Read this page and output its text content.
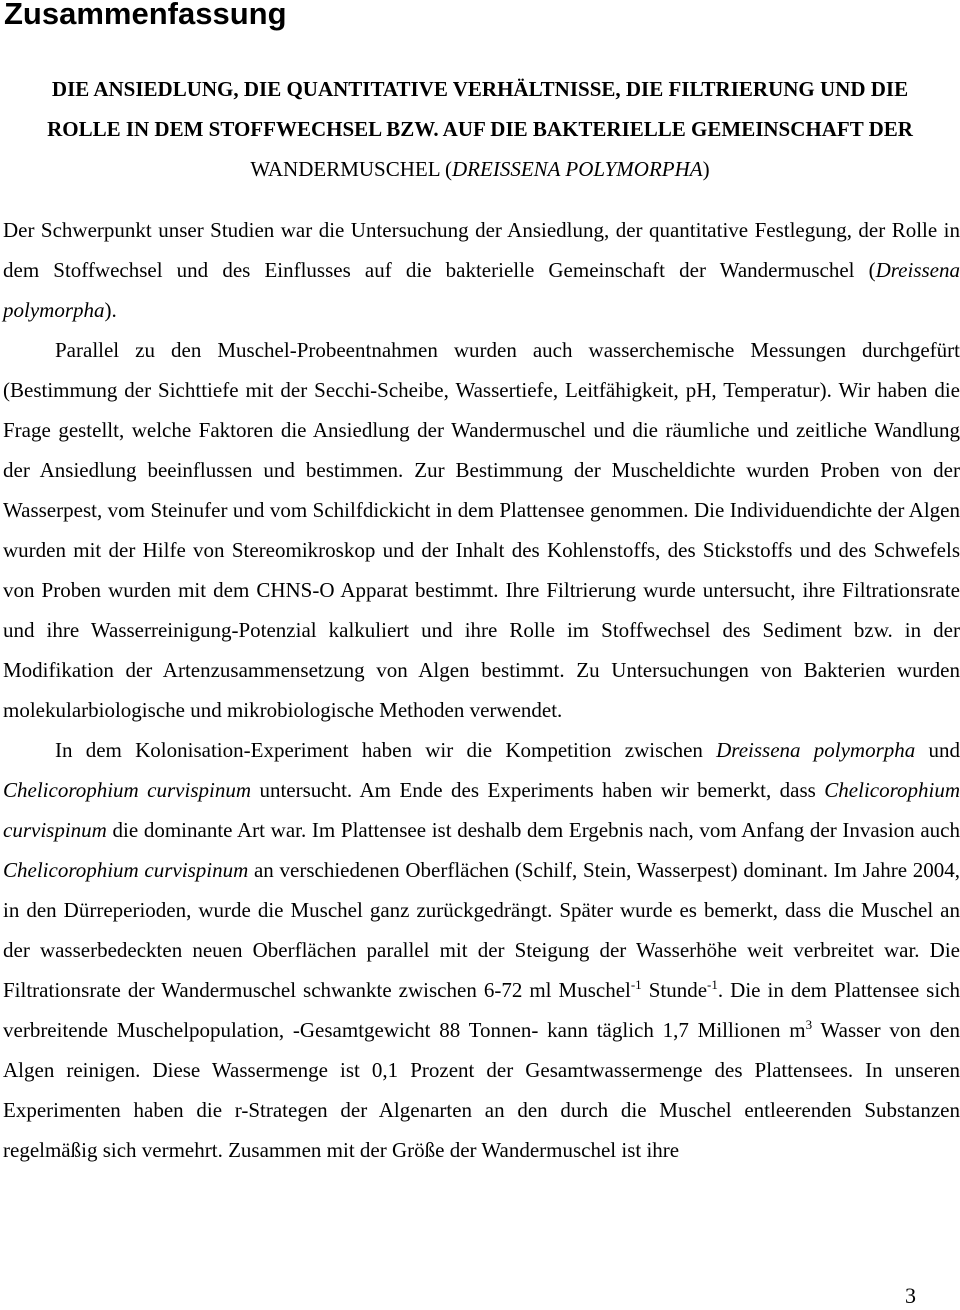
Zusammenfassung
DIE ANSIEDLUNG, DIE QUANTITATIVE VERHÄLTNISSE, DIE FILTRIERUNG UND DIE
ROLLE IN DEM STOFFWECHSEL BZW. AUF DIE BAKTERIELLE GEMEINSCHAFT DER
WANDERMUSCHEL (DREISSENA POLYMORPHA)

Der Schwerpunkt unser Studien war die Untersuchung der Ansiedlung, der quantitative Festlegung, der Rolle in dem Stoffwechsel und des Einflusses auf die bakterielle Gemeinschaft der Wandermuschel (Dreissena polymorpha).

Parallel zu den Muschel-Probeentnahmen wurden auch wasserchemische Messungen durchgefürt (Bestimmung der Sichttiefe mit der Secchi-Scheibe, Wassertiefe, Leitfähigkeit, pH, Temperatur). Wir haben die Frage gestellt, welche Faktoren die Ansiedlung der Wandermuschel und die räumliche und zeitliche Wandlung der Ansiedlung beeinflussen und bestimmen. Zur Bestimmung der Muscheldichte wurden Proben von der Wasserpest, vom Steinufer und vom Schilfdickicht in dem Plattensee genommen. Die Individuendichte der Algen wurden mit der Hilfe von Stereomikroskop und der Inhalt des Kohlenstoffs, des Stickstoffs und des Schwefels von Proben wurden mit dem CHNS-O Apparat bestimmt. Ihre Filtrierung wurde untersucht, ihre Filtrationsrate und ihre Wasserreinigung-Potenzial kalkuliert und ihre Rolle im Stoffwechsel des Sediment bzw. in der Modifikation der Artenzusammensetzung von Algen bestimmt. Zu Untersuchungen von Bakterien wurden molekularbiologische und mikrobiologische Methoden verwendet.

In dem Kolonisation-Experiment haben wir die Kompetition zwischen Dreissena polymorpha und Chelicorophium curvispinum untersucht. Am Ende des Experiments haben wir bemerkt, dass Chelicorophium curvispinum die dominante Art war. Im Plattensee ist deshalb dem Ergebnis nach, vom Anfang der Invasion auch Chelicorophium curvispinum an verschiedenen Oberflächen (Schilf, Stein, Wasserpest) dominant. Im Jahre 2004, in den Dürreperioden, wurde die Muschel ganz zurückgedrängt. Später wurde es bemerkt, dass die Muschel an der wasserbedeckten neuen Oberflächen parallel mit der Steigung der Wasserhöhe weit verbreitet war. Die Filtrationsrate der Wandermuschel schwankte zwischen 6-72 ml Muschel$^{-1}$ Stunde$^{-1}$. Die in dem Plattensee sich verbreitende Muschelpopulation, -Gesamtgewicht 88 Tonnen- kann täglich 1,7 Millionen $m^3$ Wasser von den Algen reinigen. Diese Wassermenge ist 0,1 Prozent der Gesamtwassermenge des Plattensees. In unseren Experimenten haben die r-Strategen der Algenarten an den durch die Muschel entleerenden Substanzen regelmäßig sich vermehrt. Zusammen mit der Größe der Wandermuschel ist ihre

3
